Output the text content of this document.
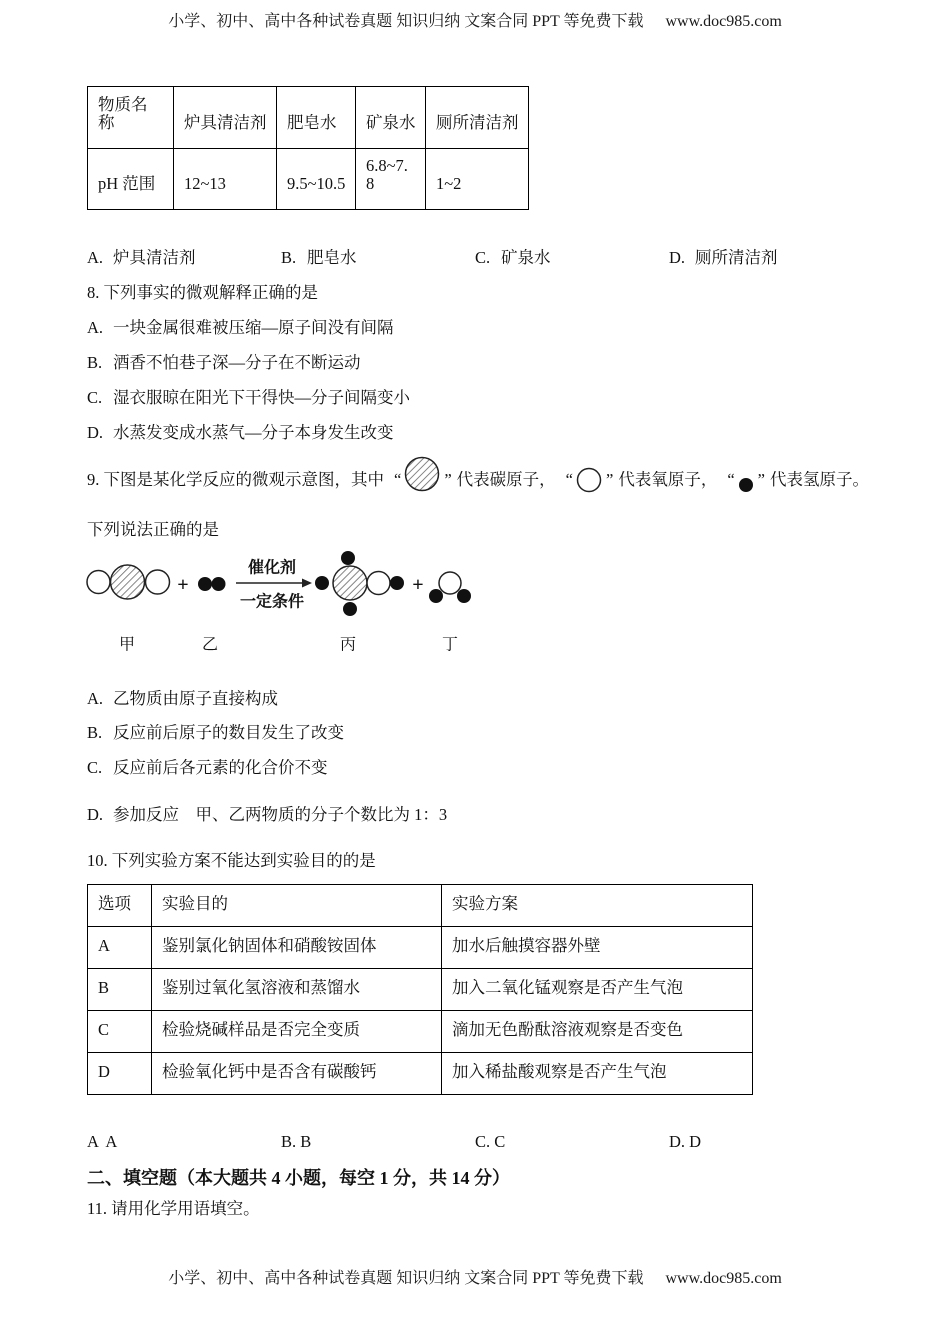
小学、初中、高中各种试卷真题 知识归纳 文案合同 PPT 等免费下载 www.doc985.com
物质名称	炉具清洁剂	肥皂水	矿泉水	厕所清洁剂
pH 范围	12~13	9.5~10.5	6.8~7.8	1~2
A. 炉具清洁剂	B. 肥皂水	C. 矿泉水	D. 厕所清洁剂
8. 下列事实的微观解释正确的是
A. 一块金属很难被压缩—原子间没有间隔
B. 酒香不怕巷子深—分子在不断运动
C. 湿衣服晾在阳光下干得快—分子间隔变小
D. 水蒸发变成水蒸气—分子本身发生改变
9. 下图是某化学反应的微观示意图，其中 “	” 代表碳原子， “ ” 代表氧原子， “ ” 代表氢原子。
下列说法正确的是
+
催化剂
一定条件
+
甲	乙	丙	丁
A. 乙物质由原子直接构成
B. 反应前后原子的数目发生了改变
C. 反应前后各元素的化合价不变
D. 参加反应　甲、乙两物质的分子个数比为 1：3
10. 下列实验方案不能达到实验目的的是
选项	实验目的	实验方案
A	鉴别氯化钠固体和硝酸铵固体	加水后触摸容器外壁
B	鉴别过氧化氢溶液和蒸馏水	加入二氧化锰观察是否产生气泡
C	检验烧碱样品是否完全变质	滴加无色酚酞溶液观察是否变色
D	检验氧化钙中是否含有碳酸钙	加入稀盐酸观察是否产生气泡
A  A	B. B	C. C	D. D
二、填空题（本大题共 4 小题，每空 1 分，共 14 分）
11. 请用化学用语填空。
小学、初中、高中各种试卷真题 知识归纳 文案合同 PPT 等免费下载 www.doc985.com
